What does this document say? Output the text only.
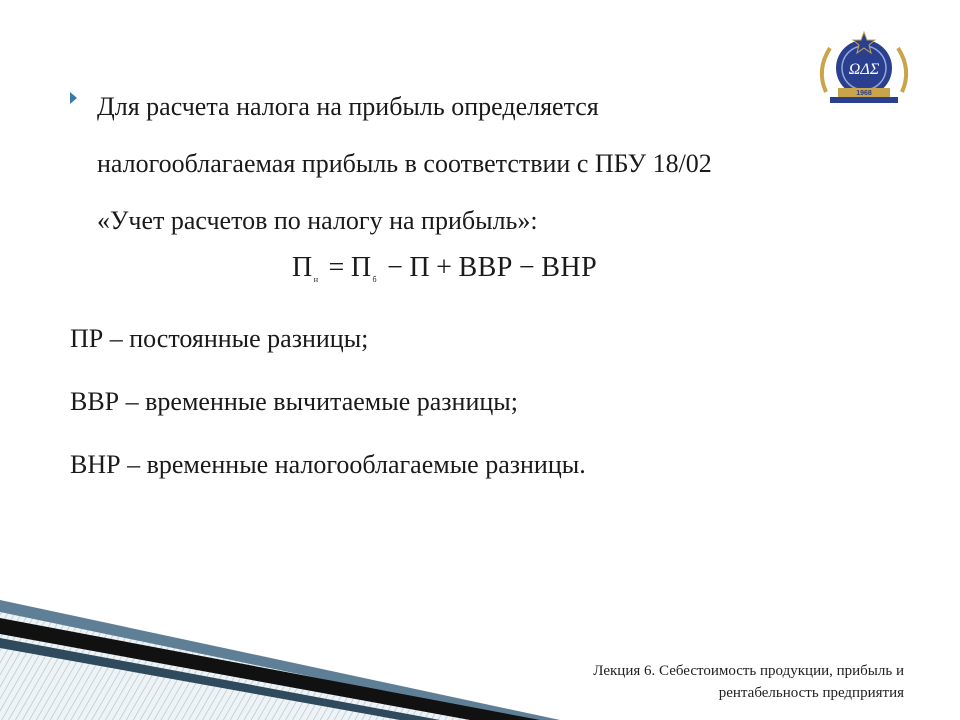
ΩΔΣ
1968
Для расчета налога на прибыль определяется
налогооблагаемая прибыль в соответствии с ПБУ 18/02
«Учет расчетов по налогу на прибыль»:
$П_н = П_б - П$ + ВВР − ВНР
ПР – постоянные разницы;
ВВР – временные вычитаемые разницы;
ВНР – временные налогооблагаемые разницы.
Лекция 6. Себестоимость продукции, прибыль и
рентабельность предприятия
